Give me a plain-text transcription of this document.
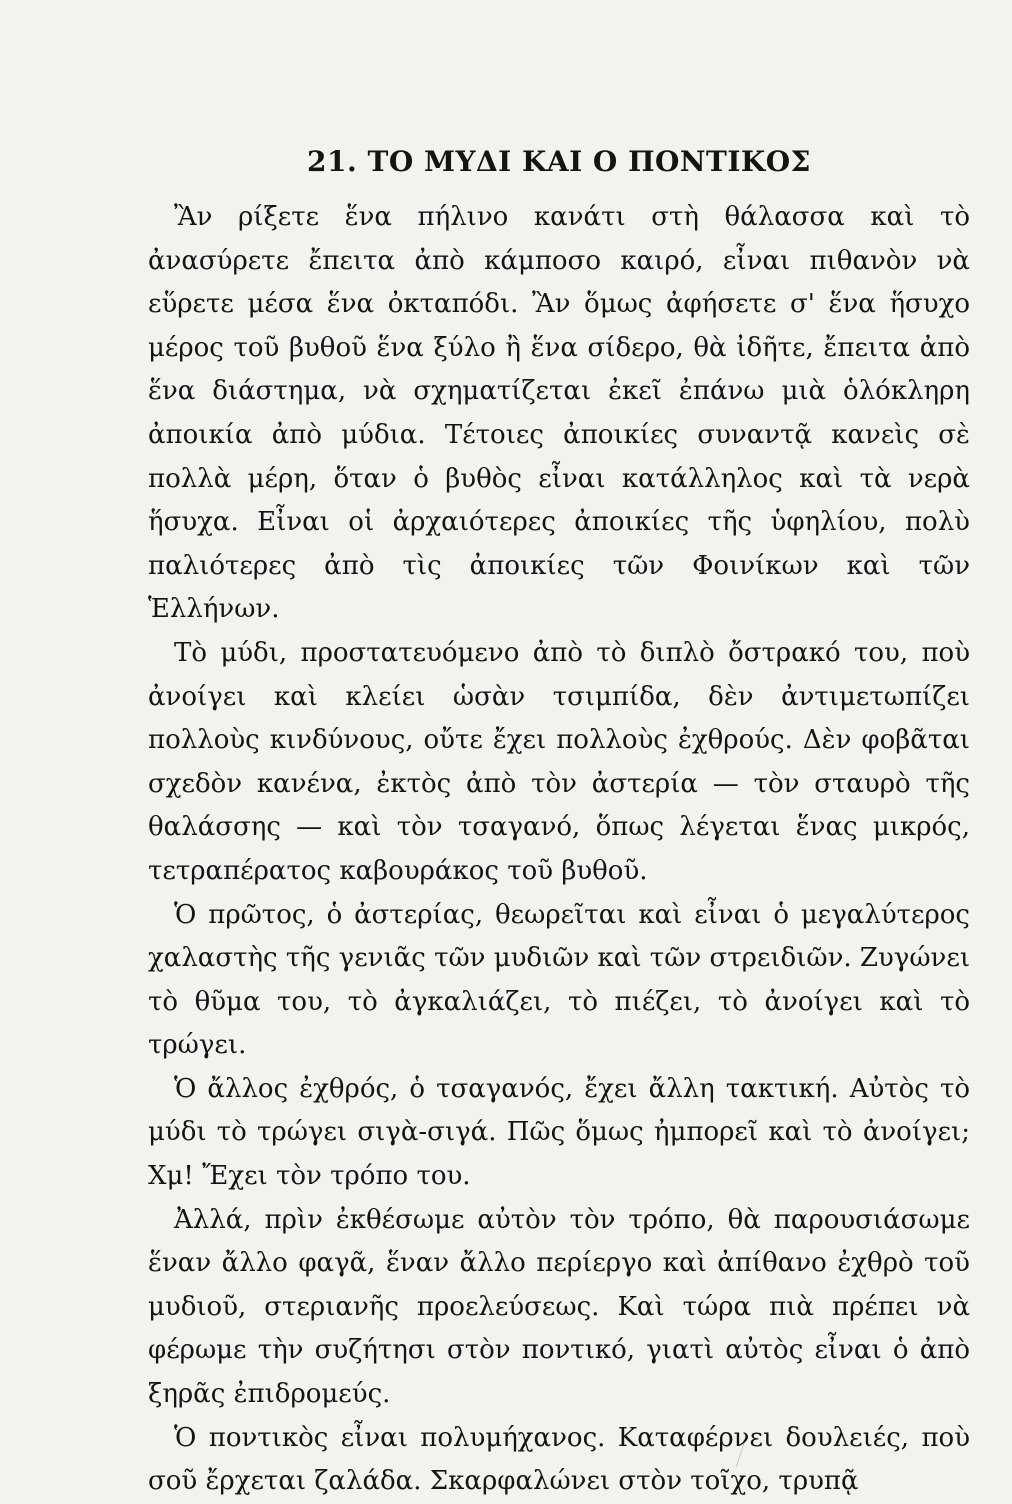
21. ΤΟ ΜΥΔΙ ΚΑΙ Ο ΠΟΝΤΙΚΟΣ

Ἂν ρίξετε ἕνα πήλινο κανάτι στὴ θάλασσα καὶ τὸ ἀνασύρετε ἔπειτα ἀπὸ κάμποσο καιρό, εἶναι πιθανὸν νὰ εὕρετε μέσα ἕνα ὀκταπόδι. Ἂν ὅμως ἀφήσετε σ' ἕνα ἥσυχο μέρος τοῦ βυθοῦ ἕνα ξύλο ἢ ἕνα σίδερο, θὰ ἰδῆτε, ἔπειτα ἀπὸ ἕνα διάστημα, νὰ σχηματίζεται ἐκεῖ ἐπάνω μιὰ ὁλόκληρη ἀποικία ἀπὸ μύδια. Τέτοιες ἀποικίες συναντᾷ κανεὶς σὲ πολλὰ μέρη, ὅταν ὁ βυθὸς εἶναι κατάλληλος καὶ τὰ νερὰ ἥσυχα. Εἶναι οἱ ἀρχαιότερες ἀποικίες τῆς ὑφηλίου, πολὺ παλιότερες ἀπὸ τὶς ἀποικίες τῶν Φοινίκων καὶ τῶν Ἑλλήνων.

Τὸ μύδι, προστατευόμενο ἀπὸ τὸ διπλὸ ὄστρακό του, ποὺ ἀνοίγει καὶ κλείει ὡσὰν τσιμπίδα, δὲν ἀντιμετωπίζει πολλοὺς κινδύνους, οὔτε ἔχει πολλοὺς ἐχθρούς. Δὲν φοβᾶται σχεδὸν κανένα, ἐκτὸς ἀπὸ τὸν ἀστερία — τὸν σταυρὸ τῆς θαλάσσης — καὶ τὸν τσαγανό, ὅπως λέγεται ἕνας μικρός, τετραπέρατος καβουράκος τοῦ βυθοῦ.

Ὁ πρῶτος, ὁ ἀστερίας, θεωρεῖται καὶ εἶναι ὁ μεγαλύτερος χαλαστὴς τῆς γενιᾶς τῶν μυδιῶν καὶ τῶν στρειδιῶν. Ζυγώνει τὸ θῦμα του, τὸ ἀγκαλιάζει, τὸ πιέζει, τὸ ἀνοίγει καὶ τὸ τρώγει.

Ὁ ἄλλος ἐχθρός, ὁ τσαγανός, ἔχει ἄλλη τακτική. Αὐτὸς τὸ μύδι τὸ τρώγει σιγὰ-σιγά. Πῶς ὅμως ἠμπορεῖ καὶ τὸ ἀνοίγει; Χμ! Ἔχει τὸν τρόπο του.

Ἀλλά, πρὶν ἐκθέσωμε αὐτὸν τὸν τρόπο, θὰ παρουσιάσωμε ἕναν ἄλλο φαγᾶ, ἕναν ἄλλο περίεργο καὶ ἀπίθανο ἐχθρὸ τοῦ μυδιοῦ, στεριανῆς προελεύσεως. Καὶ τώρα πιὰ πρέπει νὰ φέρωμε τὴν συζήτησι στὸν ποντικό, γιατὶ αὐτὸς εἶναι ὁ ἀπὸ ξηρᾶς ἐπιδρομεύς.

Ὁ ποντικὸς εἶναι πολυμήχανος. Καταφέρνει δουλειές, ποὺ σοῦ ἔρχεται ζαλάδα. Σκαρφαλώνει στὸν τοῖχο, τρυπᾷ
